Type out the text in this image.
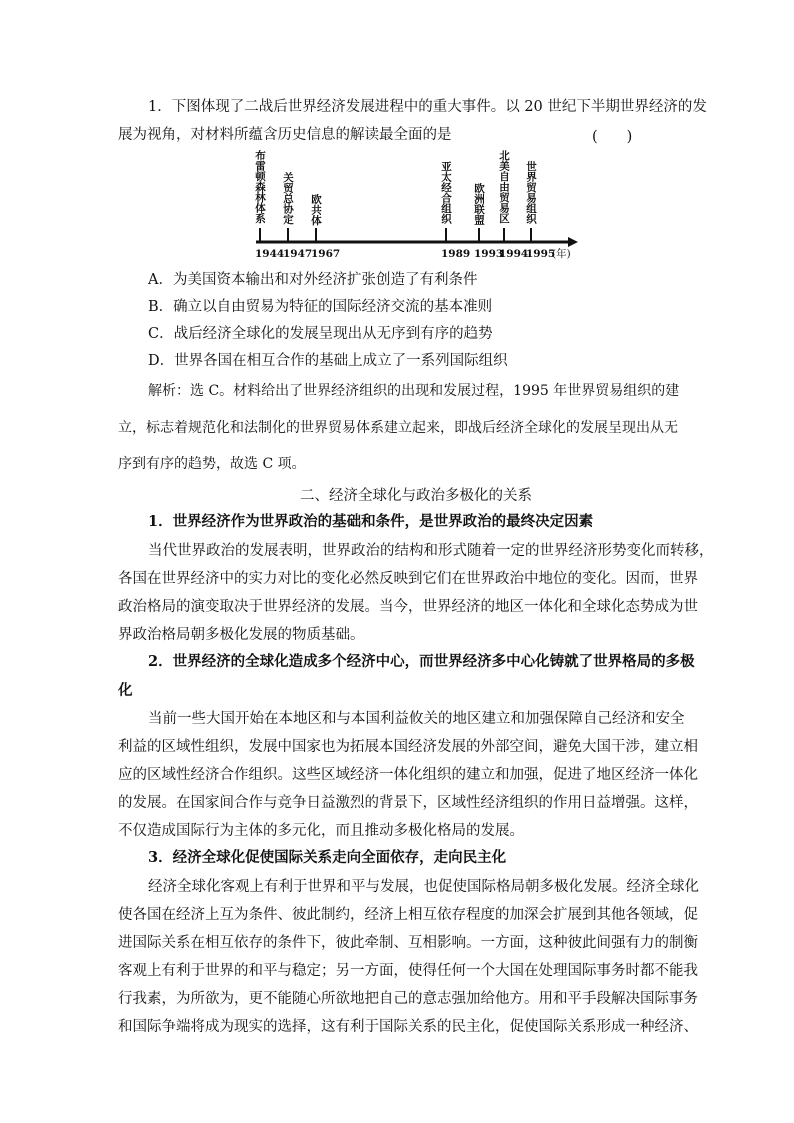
1．下图体现了二战后世界经济发展进程中的重大事件。以 20 世纪下半期世界经济的发
展为视角，对材料所蕴含历史信息的解读最全面的是	(　　)
布雷顿森林体系
1944
关贸总协定
1947
欧共体
1967
亚太经合组织
1989
欧洲联盟
1993
北美自由贸易区
1994
世界贸易组织
1995
(年)
A．为美国资本输出和对外经济扩张创造了有利条件
B．确立以自由贸易为特征的国际经济交流的基本准则
C．战后经济全球化的发展呈现出从无序到有序的趋势
D．世界各国在相互合作的基础上成立了一系列国际组织
解析：选 C。材料给出了世界经济组织的出现和发展过程，1995 年世界贸易组织的建
立，标志着规范化和法制化的世界贸易体系建立起来，即战后经济全球化的发展呈现出从无
序到有序的趋势，故选 C 项。
二、经济全球化与政治多极化的关系
1．世界经济作为世界政治的基础和条件，是世界政治的最终决定因素
当代世界政治的发展表明，世界政治的结构和形式随着一定的世界经济形势变化而转移，
各国在世界经济中的实力对比的变化必然反映到它们在世界政治中地位的变化。因而，世界
政治格局的演变取决于世界经济的发展。当今，世界经济的地区一体化和全球化态势成为世
界政治格局朝多极化发展的物质基础。
2．世界经济的全球化造成多个经济中心，而世界经济多中心化铸就了世界格局的多极
化
当前一些大国开始在本地区和与本国利益攸关的地区建立和加强保障自己经济和安全
利益的区域性组织，发展中国家也为拓展本国经济发展的外部空间，避免大国干涉，建立相
应的区域性经济合作组织。这些区域经济一体化组织的建立和加强，促进了地区经济一体化
的发展。在国家间合作与竞争日益激烈的背景下，区域性经济组织的作用日益增强。这样，
不仅造成国际行为主体的多元化，而且推动多极化格局的发展。
3．经济全球化促使国际关系走向全面依存，走向民主化
经济全球化客观上有利于世界和平与发展，也促使国际格局朝多极化发展。经济全球化
使各国在经济上互为条件、彼此制约，经济上相互依存程度的加深会扩展到其他各领域，促
进国际关系在相互依存的条件下，彼此牵制、互相影响。一方面，这种彼此间强有力的制衡
客观上有利于世界的和平与稳定；另一方面，使得任何一个大国在处理国际事务时都不能我
行我素，为所欲为，更不能随心所欲地把自己的意志强加给他方。用和平手段解决国际事务
和国际争端将成为现实的选择，这有利于国际关系的民主化，促使国际关系形成一种经济、
